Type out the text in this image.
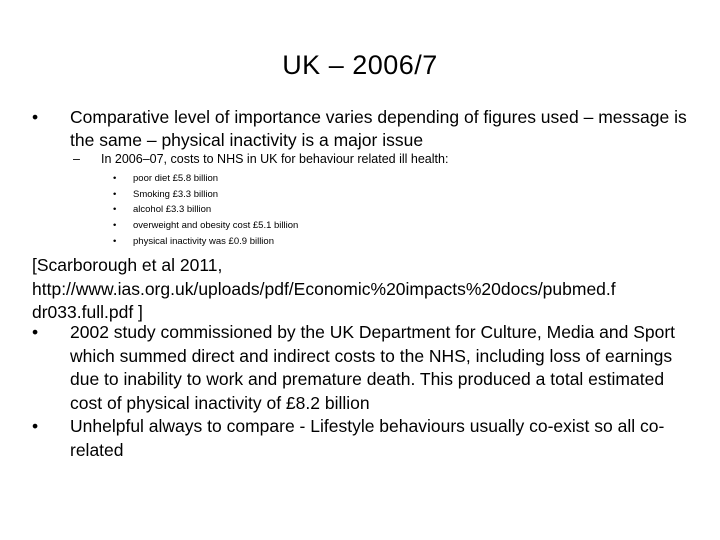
UK – 2006/7
• Comparative level of importance varies depending of figures used – message is the same – physical inactivity is a major issue
– In 2006–07, costs to NHS in UK for behaviour related ill health:
• poor diet £5.8 billion
• Smoking £3.3 billion
• alcohol £3.3 billion
• overweight and obesity cost £5.1 billion
• physical inactivity was £0.9 billion
[Scarborough et al 2011, http://www.ias.org.uk/uploads/pdf/Economic%20impacts%20docs/pubmed.f dr033.full.pdf ]
• 2002 study commissioned by the UK Department for Culture, Media and Sport which summed direct and indirect costs to the NHS, including loss of earnings due to inability to work and premature death. This produced a total estimated cost of physical inactivity of £8.2 billion
• Unhelpful always to compare - Lifestyle behaviours usually co-exist so all co-related
